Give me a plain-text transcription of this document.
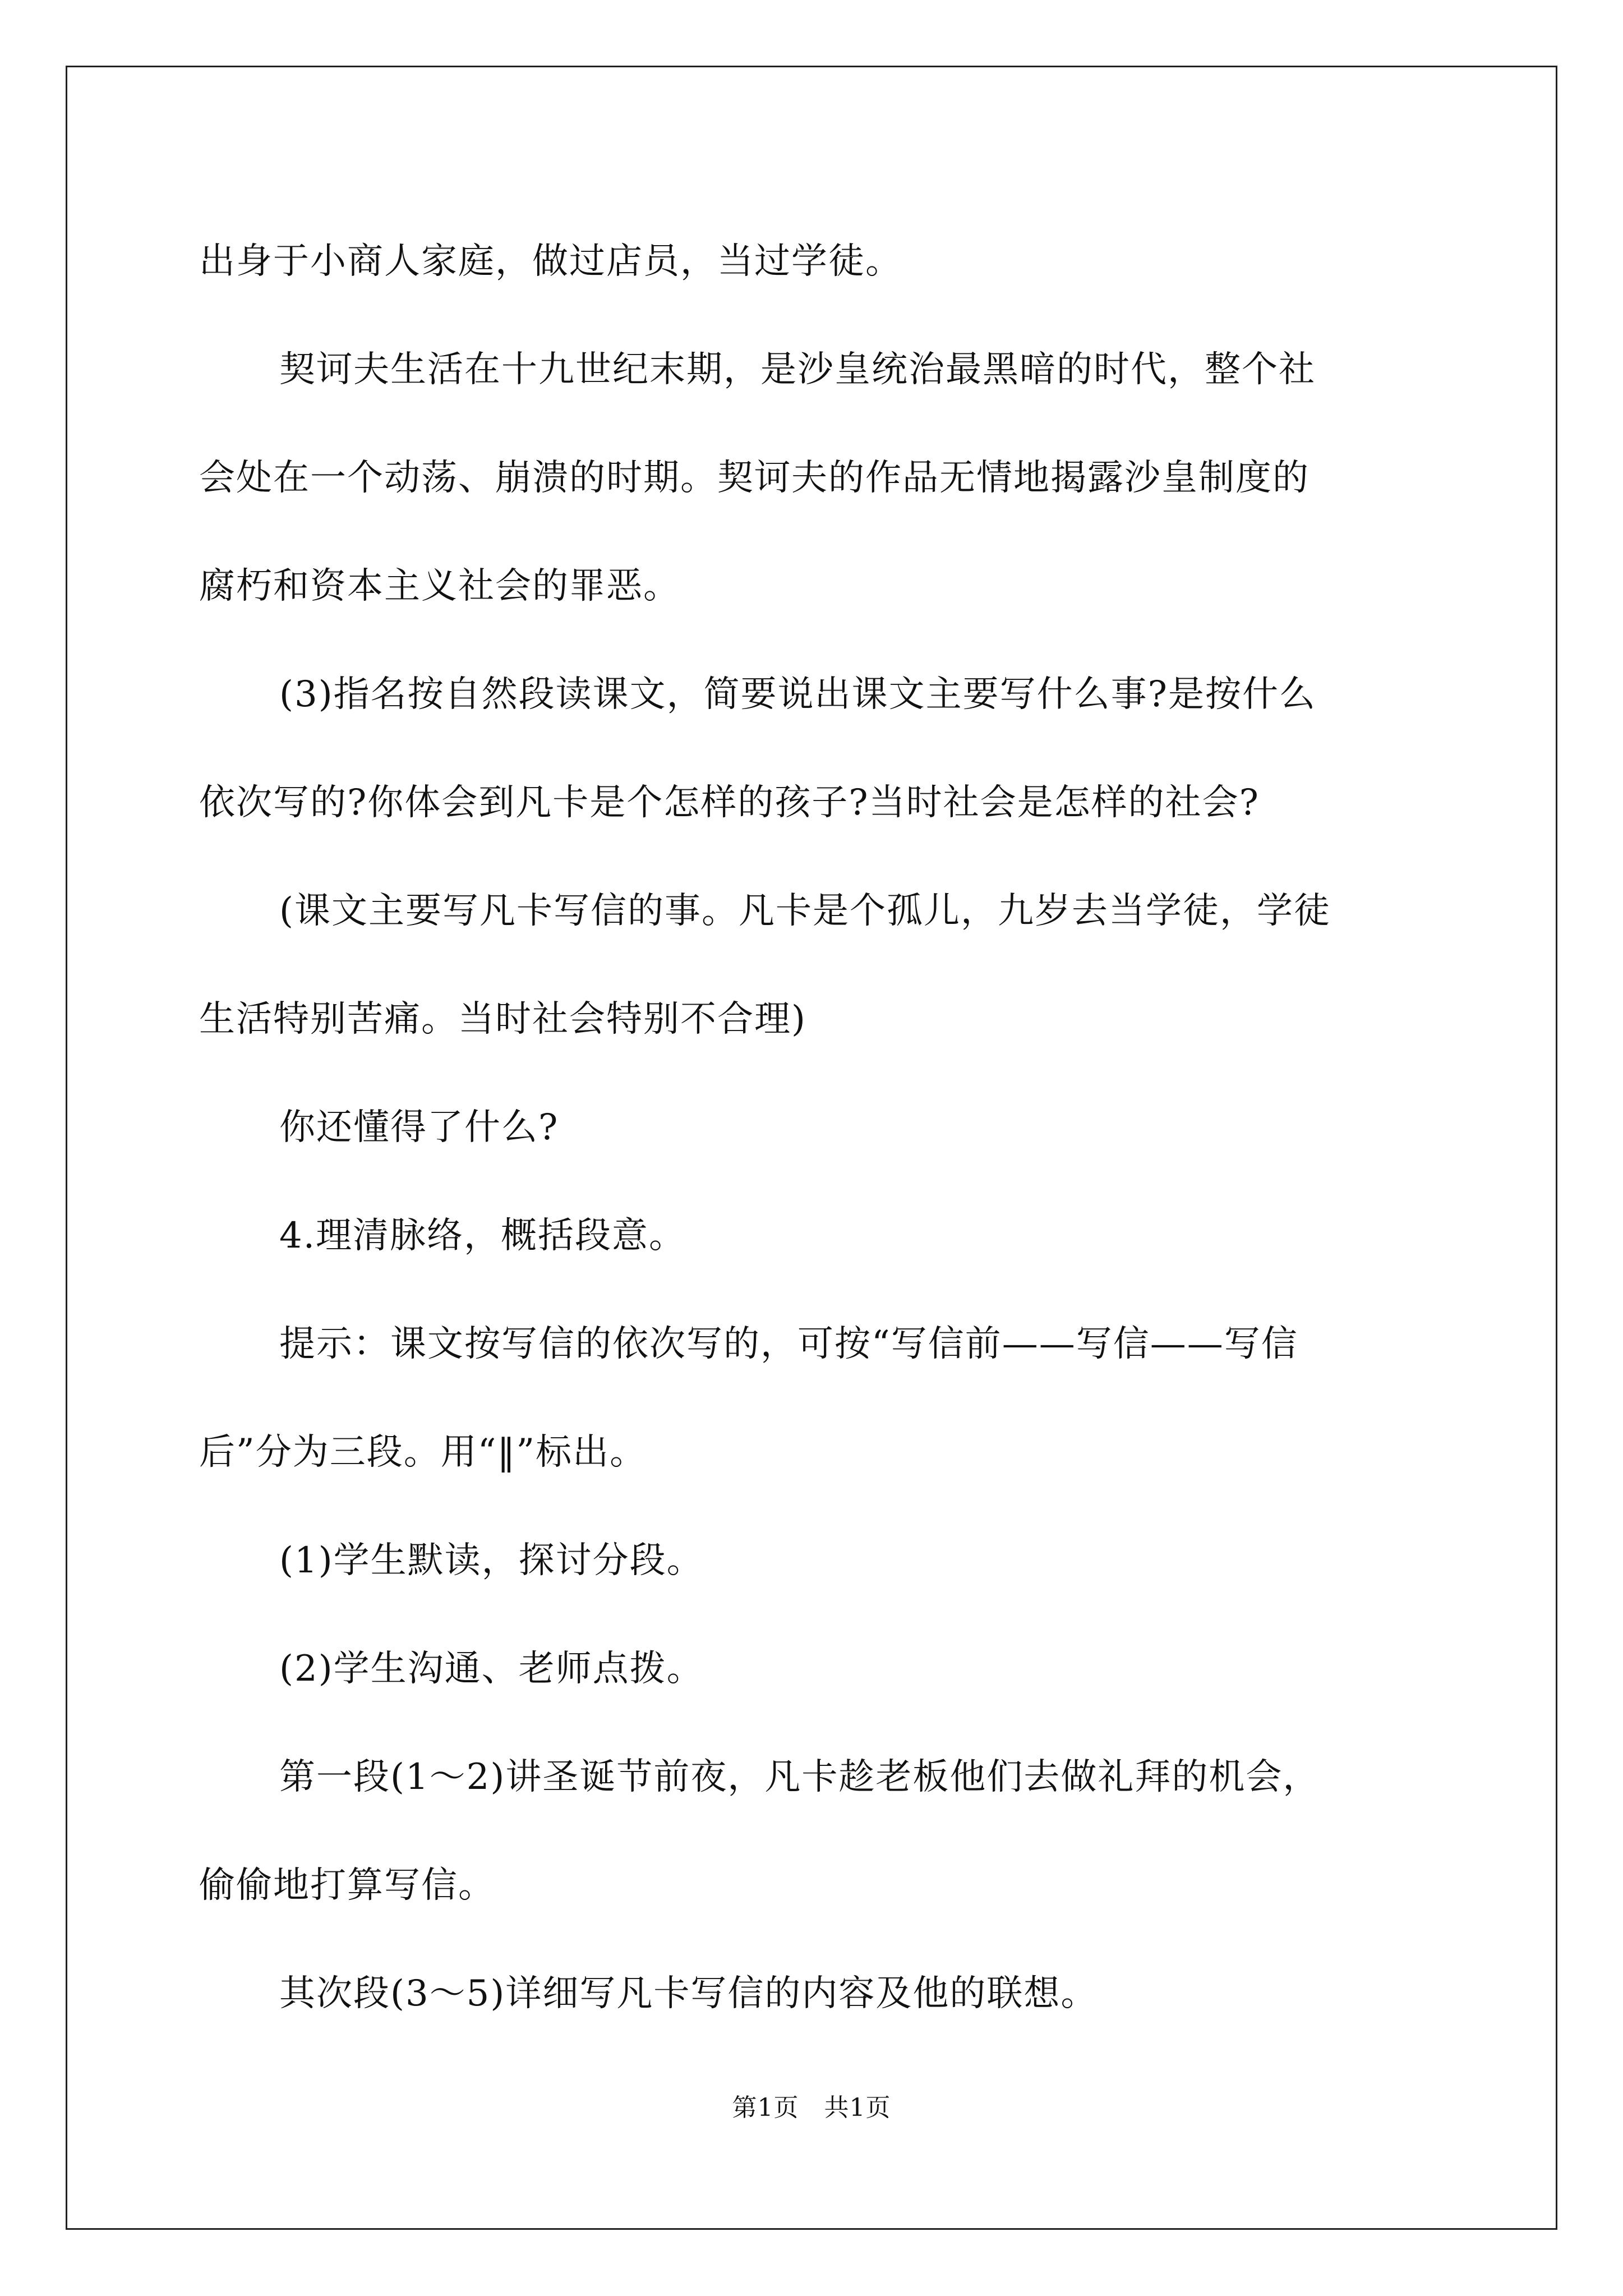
出身于小商人家庭，做过店员，当过学徒。

契诃夫生活在十九世纪末期，是沙皇统治最黑暗的时代，整个社

会处在一个动荡、崩溃的时期。契诃夫的作品无情地揭露沙皇制度的

腐朽和资本主义社会的罪恶。

(3)指名按自然段读课文，简要说出课文主要写什么事?是按什么

依次写的?你体会到凡卡是个怎样的孩子?当时社会是怎样的社会?

(课文主要写凡卡写信的事。凡卡是个孤儿，九岁去当学徒，学徒

生活特别苦痛。当时社会特别不合理)

你还懂得了什么?

4.理清脉络，概括段意。

提示：课文按写信的依次写的，可按“写信前——写信——写信

后”分为三段。用“‖”标出。

(1)学生默读，探讨分段。

(2)学生沟通、老师点拨。

第一段(1～2)讲圣诞节前夜，凡卡趁老板他们去做礼拜的机会，

偷偷地打算写信。

其次段(3～5)详细写凡卡写信的内容及他的联想。

第1页　共1页
